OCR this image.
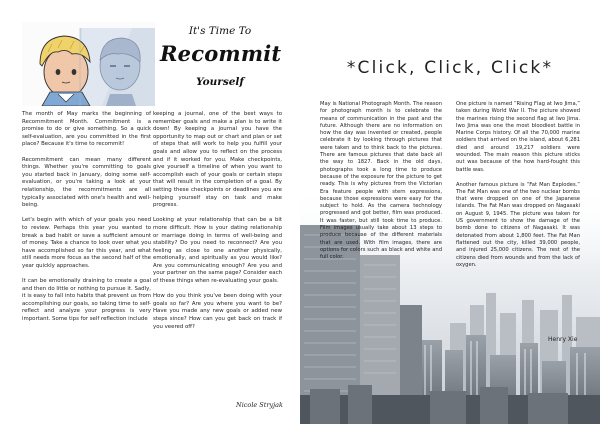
It's Time To
Recommit
Yourself

The month of May marks the beginning of Recommitment Month. Commitment is a promise to do or give something. So a quick self-evaluation, are you committed in the first place? Because it's time to recommit!

Recommitment can mean many different things. Whether you're committing to goals you started back in January, doing some self-evaluation, or you're taking a look at your relationship, the recommitments are all typically associated with one's health and well-being.

Let's begin with which of your goals you need to review. Perhaps this year you wanted to break a bad habit or save a sufficient amount of money. Take a chance to look over what you have accomplished so far this year, and what still needs more focus as the second half of the year quickly approaches.

It can be emotionally draining to create a goal and then do little or nothing to pursue it. Sadly, it is easy to fall into habits that prevent us from accomplishing our goals, so taking time to self-reflect and analyze your progress is very important. Some tips for self reflection include

keeping a journal, one of the best ways to remember goals and make a plan is to write it down! By keeping a journal you have the opportunity to map out or chart and plan or set of steps that will work to help you fulfill your goals and allow you to reflect on the process and if it worked for you. Make checkpoints, give yourself a timeline of when you want to accomplish each of your goals or certain steps that will result in the completion of a goal. By setting these checkpoints or deadlines you are helping yourself stay on task and make progress.

Looking at your relationship that can be a bit more difficult. How is your dating relationship or marriage doing in terms of well-being and stability? Do you need to reconnect? Are you feeling as close to one another physically, emotionally, and spiritually as you would like? Are you communicating enough? Are you and your partner on the same page? Consider each of these things when re-evaluating your goals.

How do you think you've been doing with your goals so far? Are you where you want to be? Have you made any new goals or added new steps since? How can you get back on track if you veered off?

Nicole Stryjak
*Click, Click, Click*

May is National Photograph Month. The reason for photograph month is to celebrate the means of communication in the past and the future. Although there are no information on how the day was invented or created, people celebrate it by looking through pictures that were taken and to think back to the pictures. There are famous pictures that date back all the way to 1827. Back in the old days, photographs took a long time to produce because of the exposure for the picture to get ready. This is why pictures from the Victorian Era feature people with stern expressions, because those expressions were easy for the subject to hold. As the camera technology progressed and got better, film was produced. It was faster, but still took time to produce. Film images usually take about 13 steps to produce because of the different materials that are used. With film images, there are options for colors such as black and white and full color.

One picture is named “Rising Flag at Iwo Jima,” taken during World War II. The picture showed the marines rising the second flag at Iwo Jima. Iwo Jima was one the most bloodiest battle in Marine Corps history. Of all the 70,000 marine soldiers that arrived on the island, about 6,281 died and around 19,217 soldiers were wounded. The main reason this picture sticks out was because of the how hard-fought this battle was.

Another famous picture is “Fat Man Explodes.” The Fat Man was one of the two nuclear bombs that were dropped on one of the Japanese islands. The Fat Man was dropped on Nagasaki on August 9, 1945. The picture was taken for US government to show the damage of the bomb done to citizens of Nagasaki. It was detonated from about 1,800 feet. The Fat Man flattened out the city, killed 39,000 people, and injured 25,000 citizens. The rest of the citizens died from wounds and from the lack of oxygen.

Henry Xie
